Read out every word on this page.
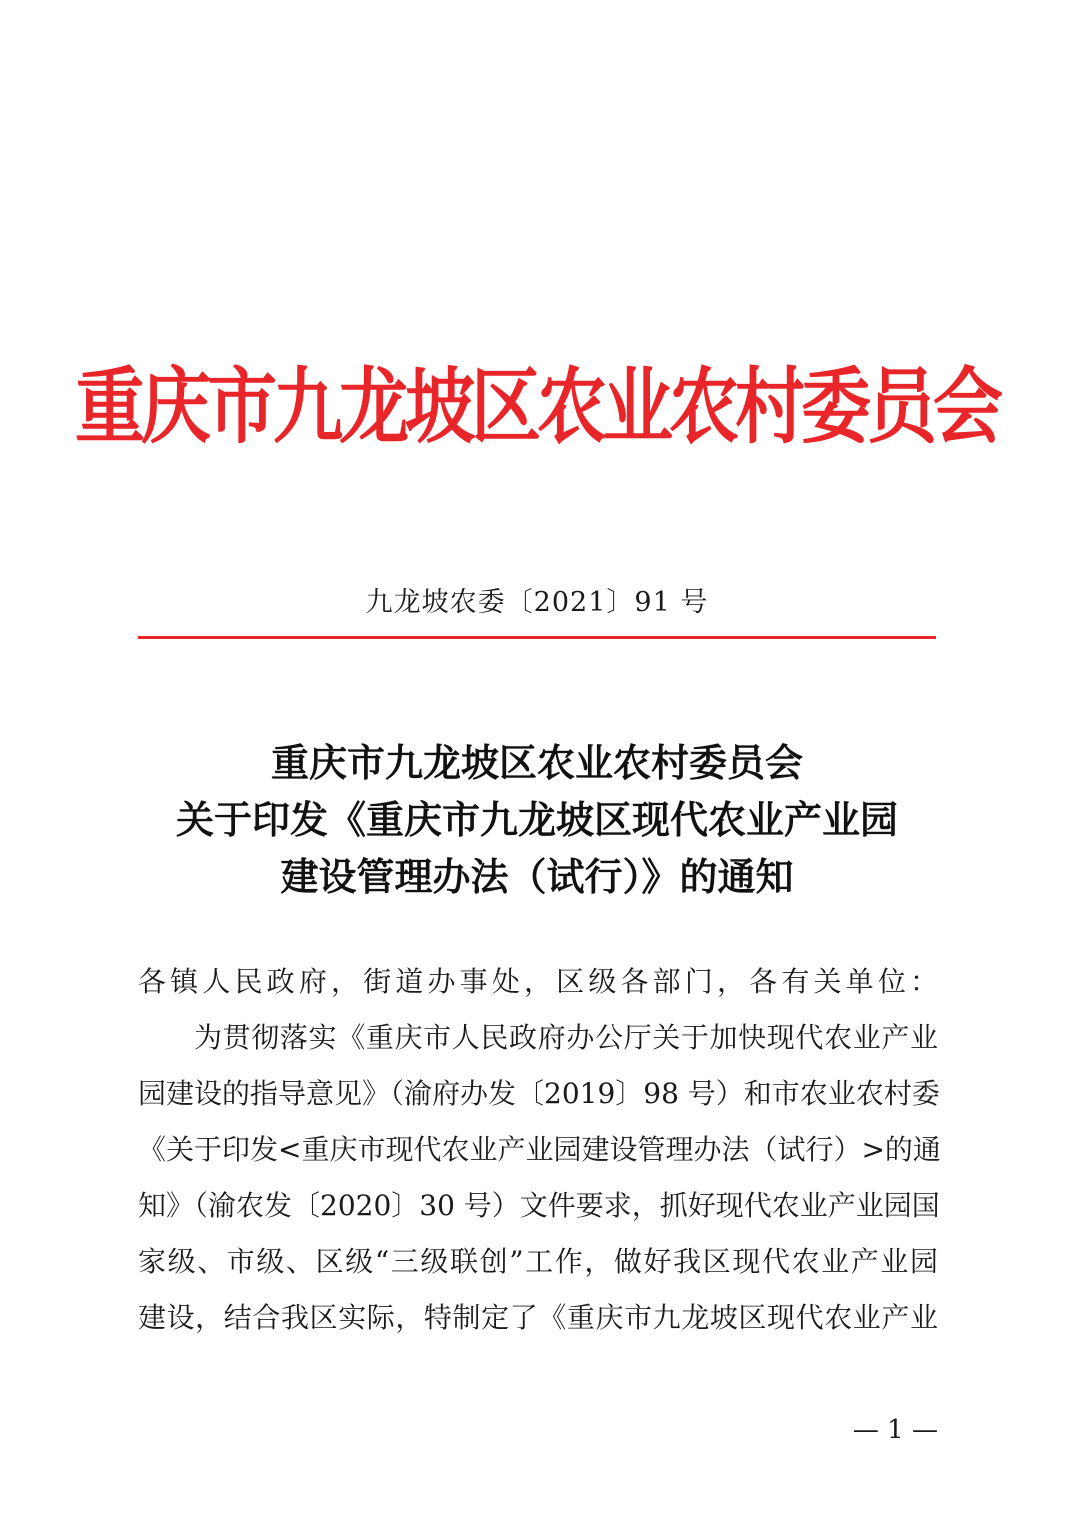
重庆市九龙坡区农业农村委员会
九龙坡农委〔2021〕91 号
重庆市九龙坡区农业农村委员会
关于印发《重庆市九龙坡区现代农业产业园
建设管理办法（试行）》的通知
各镇人民政府，街道办事处，区级各部门，各有关单位：
为贯彻落实《重庆市人民政府办公厅关于加快现代农业产业
园建设的指导意见》（渝府办发〔2019〕98 号）和市农业农村委
《关于印发<重庆市现代农业产业园建设管理办法（试行）>的通
知》（渝农发〔2020〕30 号）文件要求，抓好现代农业产业园国
家级、市级、区级“三级联创”工作，做好我区现代农业产业园
建设，结合我区实际，特制定了《重庆市九龙坡区现代农业产业
— 1 —
